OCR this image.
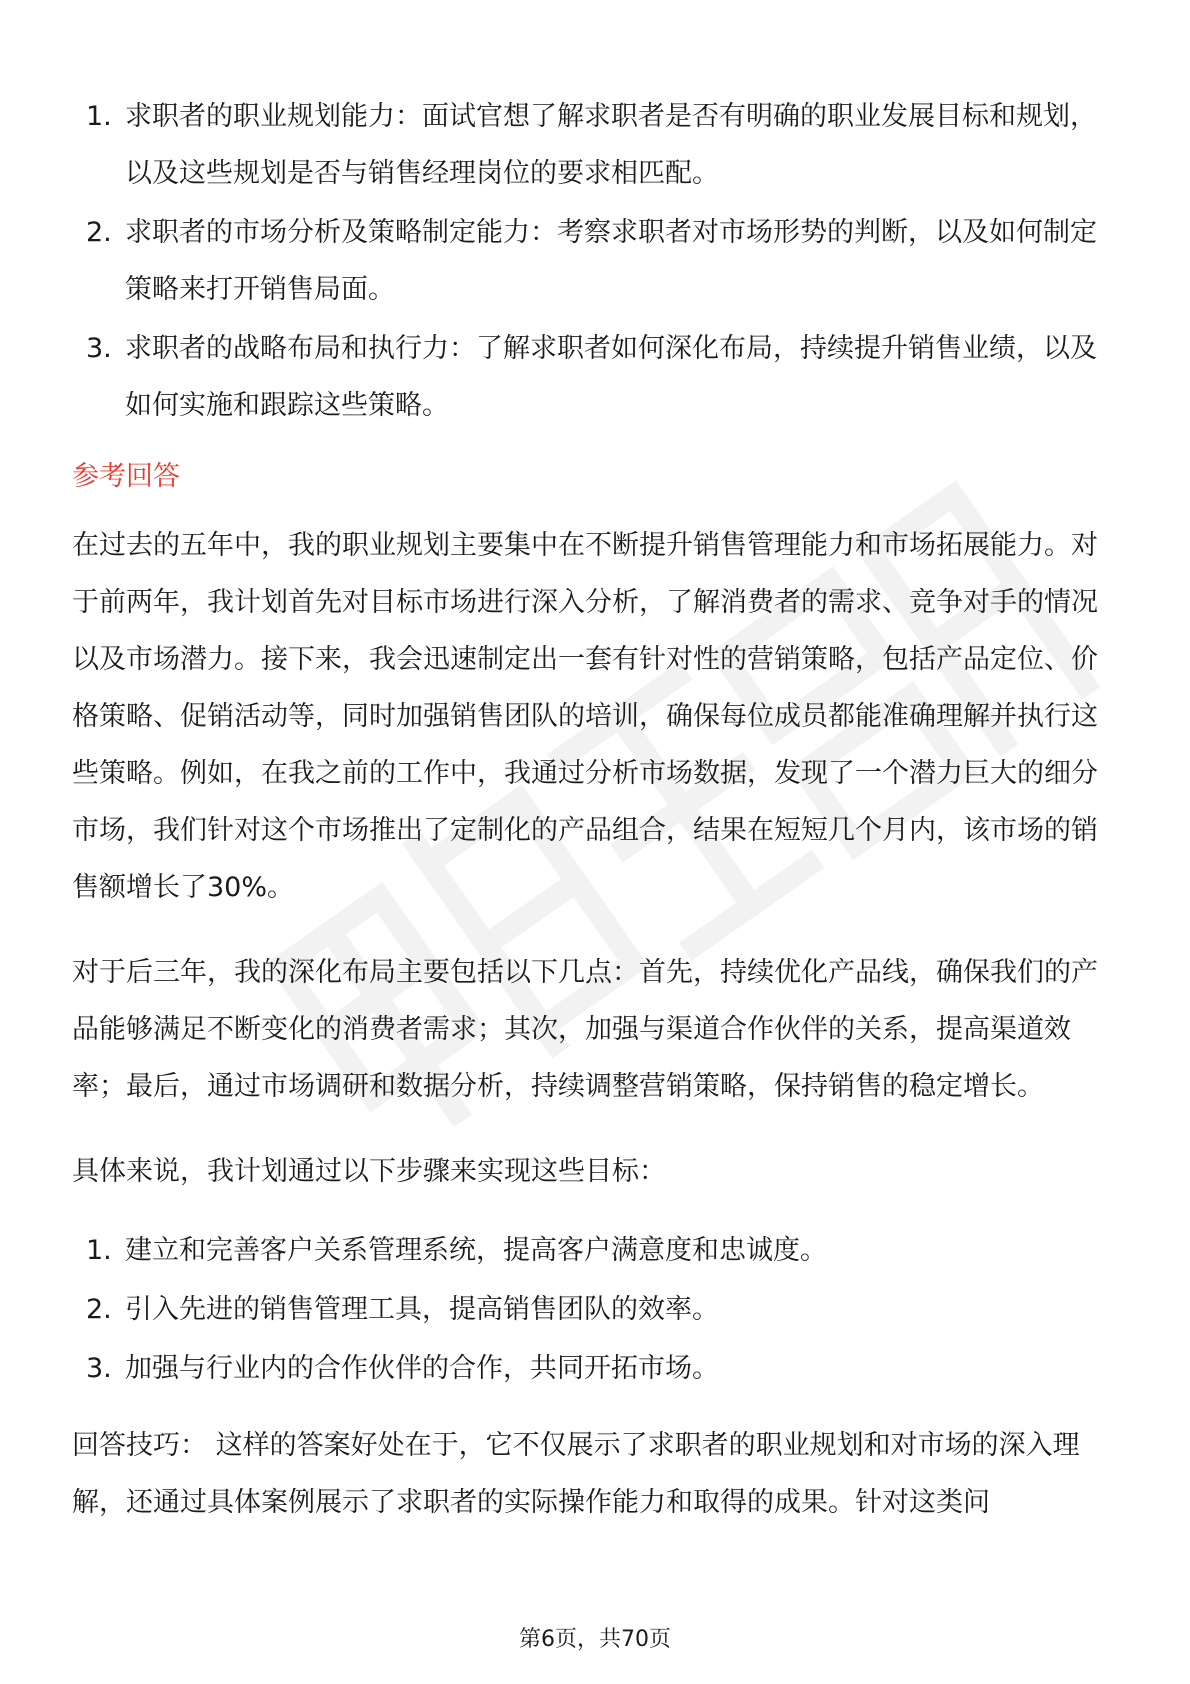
1. 求职者的职业规划能力：面试官想了解求职者是否有明确的职业发展目标和规划，以及这些规划是否与销售经理岗位的要求相匹配。
2. 求职者的市场分析及策略制定能力：考察求职者对市场形势的判断，以及如何制定策略来打开销售局面。
3. 求职者的战略布局和执行力：了解求职者如何深化布局，持续提升销售业绩，以及如何实施和跟踪这些策略。
参考回答

在过去的五年中，我的职业规划主要集中在不断提升销售管理能力和市场拓展能力。对于前两年，我计划首先对目标市场进行深入分析，了解消费者的需求、竞争对手的情况以及市场潜力。接下来，我会迅速制定出一套有针对性的营销策略，包括产品定位、价格策略、促销活动等，同时加强销售团队的培训，确保每位成员都能准确理解并执行这些策略。例如，在我之前的工作中，我通过分析市场数据，发现了一个潜力巨大的细分市场，我们针对这个市场推出了定制化的产品组合，结果在短短几个月内，该市场的销售额增长了30%。

对于后三年，我的深化布局主要包括以下几点：首先，持续优化产品线，确保我们的产品能够满足不断变化的消费者需求；其次，加强与渠道合作伙伴的关系，提高渠道效率；最后，通过市场调研和数据分析，持续调整营销策略，保持销售的稳定增长。

具体来说，我计划通过以下步骤来实现这些目标：

1. 建立和完善客户关系管理系统，提高客户满意度和忠诚度。
2. 引入先进的销售管理工具，提高销售团队的效率。
3. 加强与行业内的合作伙伴的合作，共同开拓市场。

回答技巧： 这样的答案好处在于，它不仅展示了求职者的职业规划和对市场的深入理解，还通过具体案例展示了求职者的实际操作能力和取得的成果。针对这类问

第6页，共70页
